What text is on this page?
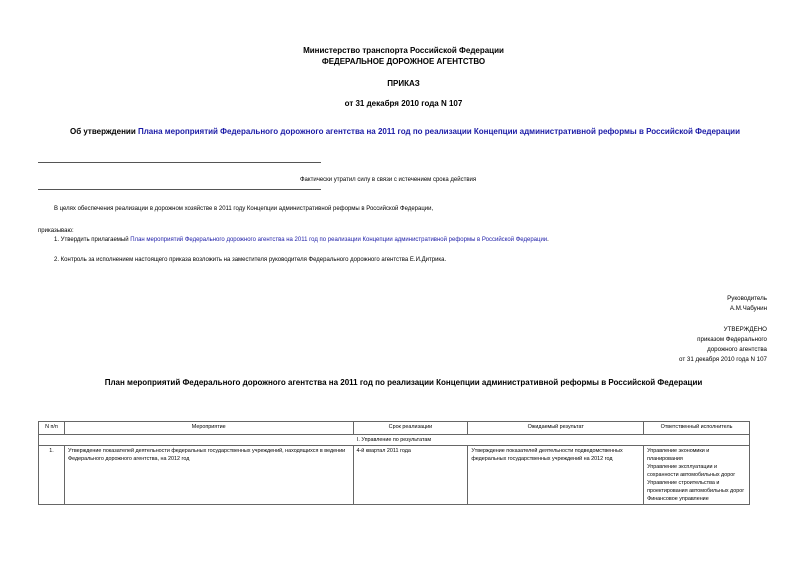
Министерство транспорта Российской Федерации
ФЕДЕРАЛЬНОЕ ДОРОЖНОЕ АГЕНТСТВО
ПРИКАЗ
от 31 декабря 2010 года N 107
Об утверждении Плана мероприятий Федерального дорожного агентства на 2011 год по реализации Концепции административной реформы в Российской Федерации
Фактически утратил силу в связи с истечением срока действия
В целях обеспечения реализации в дорожном хозяйстве в 2011 году Концепции административной реформы в Российской Федерации,
приказываю:
1. Утвердить прилагаемый План мероприятий Федерального дорожного агентства на 2011 год по реализации Концепции административной реформы в Российской Федерации.
2. Контроль за исполнением настоящего приказа возложить на заместителя руководителя Федерального дорожного агентства Е.И.Дитрика.
Руководитель
А.М.Чабунин
УТВЕРЖДЕНО
приказом Федерального
дорожного агентства
от 31 декабря 2010 года N 107
План мероприятий Федерального дорожного агентства на 2011 год по реализации Концепции административной реформы в Российской Федерации
N п/п	Мероприятие	Срок реализации	Ожидаемый результат	Ответственный исполнитель
I. Управление по результатам				
1.	Утверждение показателей деятельности федеральных государственных учреждений, находящихся в ведении Федерального дорожного агентства, на 2012 год	4-й квартал 2011 года	Утверждение показателей деятельности подведомственных федеральных государственных учреждений на 2012 год	Управление экономики и планирования
Управление эксплуатации и сохранности автомобильных дорог
Управление строительства и проектирования автомобильных дорог
Финансовое управление
